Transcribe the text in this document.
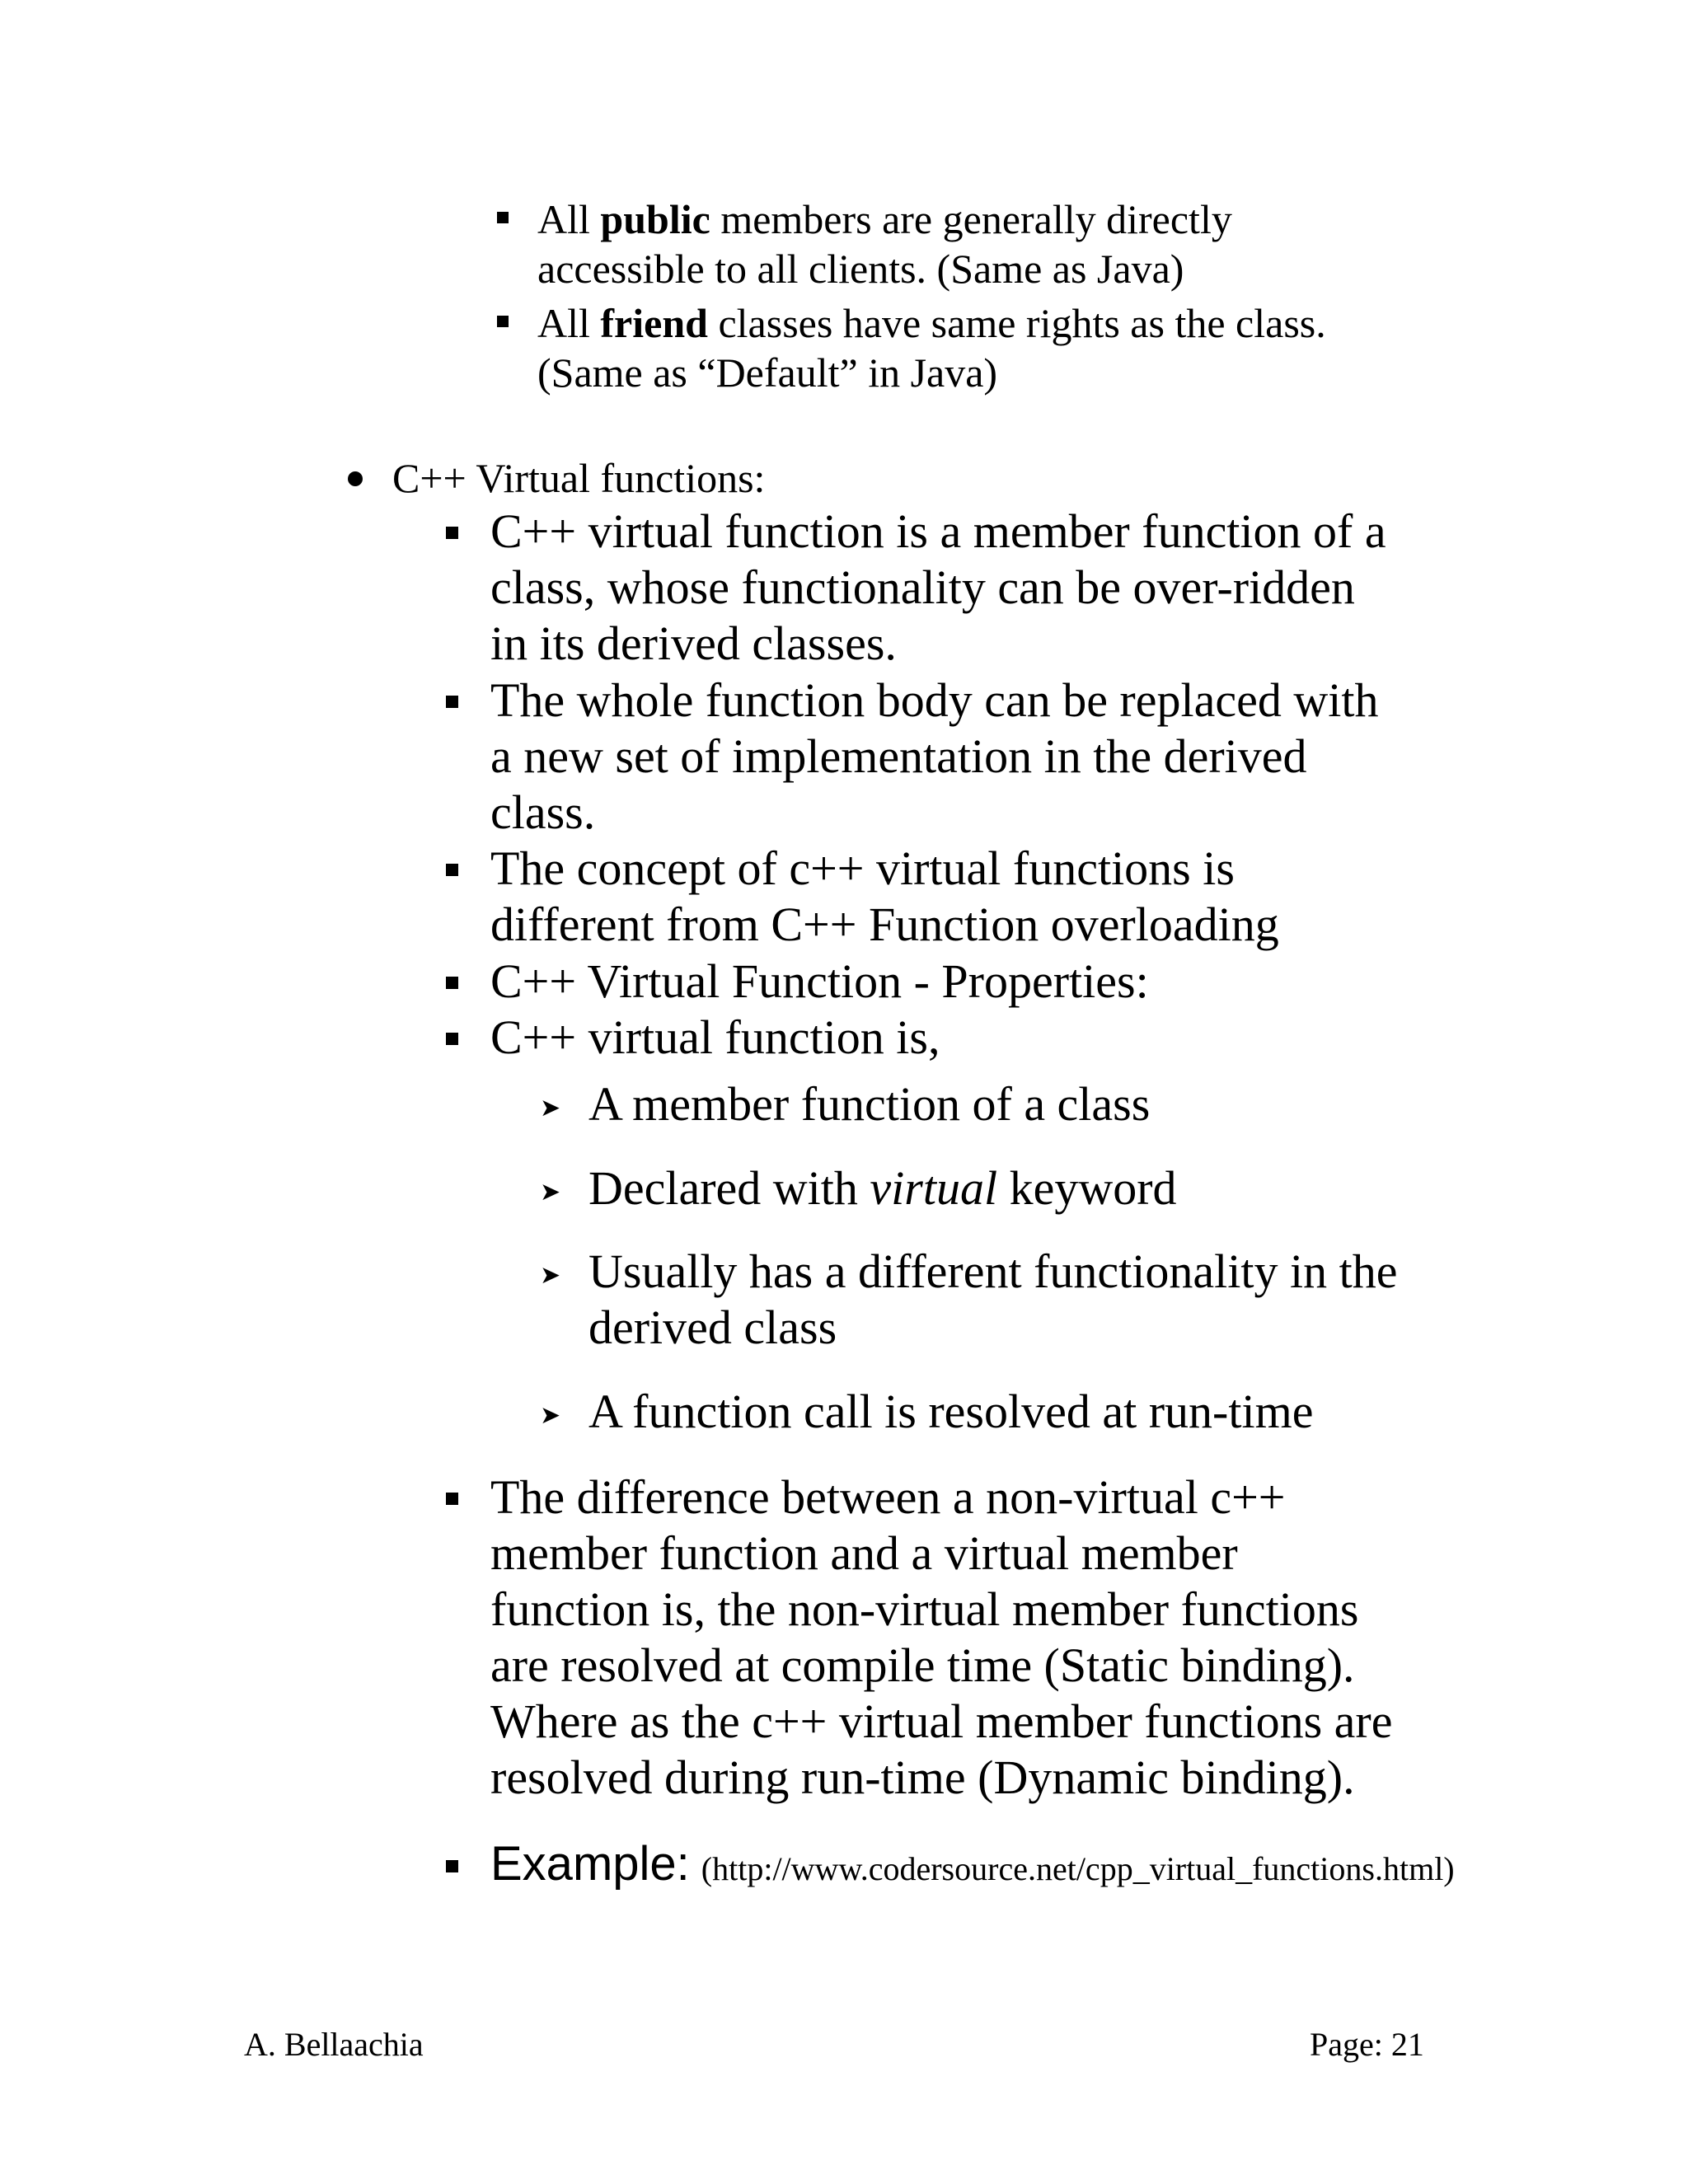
All public members are generally directly
accessible to all clients. (Same as Java)
All friend classes have same rights as the class.
(Same as “Default” in Java)
C++ Virtual functions:
C++ virtual function is a member function of a
class, whose functionality can be over-ridden
in its derived classes.
The whole function body can be replaced with
a new set of implementation in the derived
class.
The concept of c++ virtual functions is
different from C++ Function overloading
C++ Virtual Function - Properties:
C++ virtual function is,
➤ A member function of a class
➤ Declared with virtual keyword
➤ Usually has a different functionality in the
derived class
➤ A function call is resolved at run-time
The difference between a non-virtual c++
member function and a virtual member
function is, the non-virtual member functions
are resolved at compile time (Static binding).
Where as the c++ virtual member functions are
resolved during run-time (Dynamic binding).
Example: (http://www.codersource.net/cpp_virtual_functions.html)
A. Bellaachia	Page: 21
